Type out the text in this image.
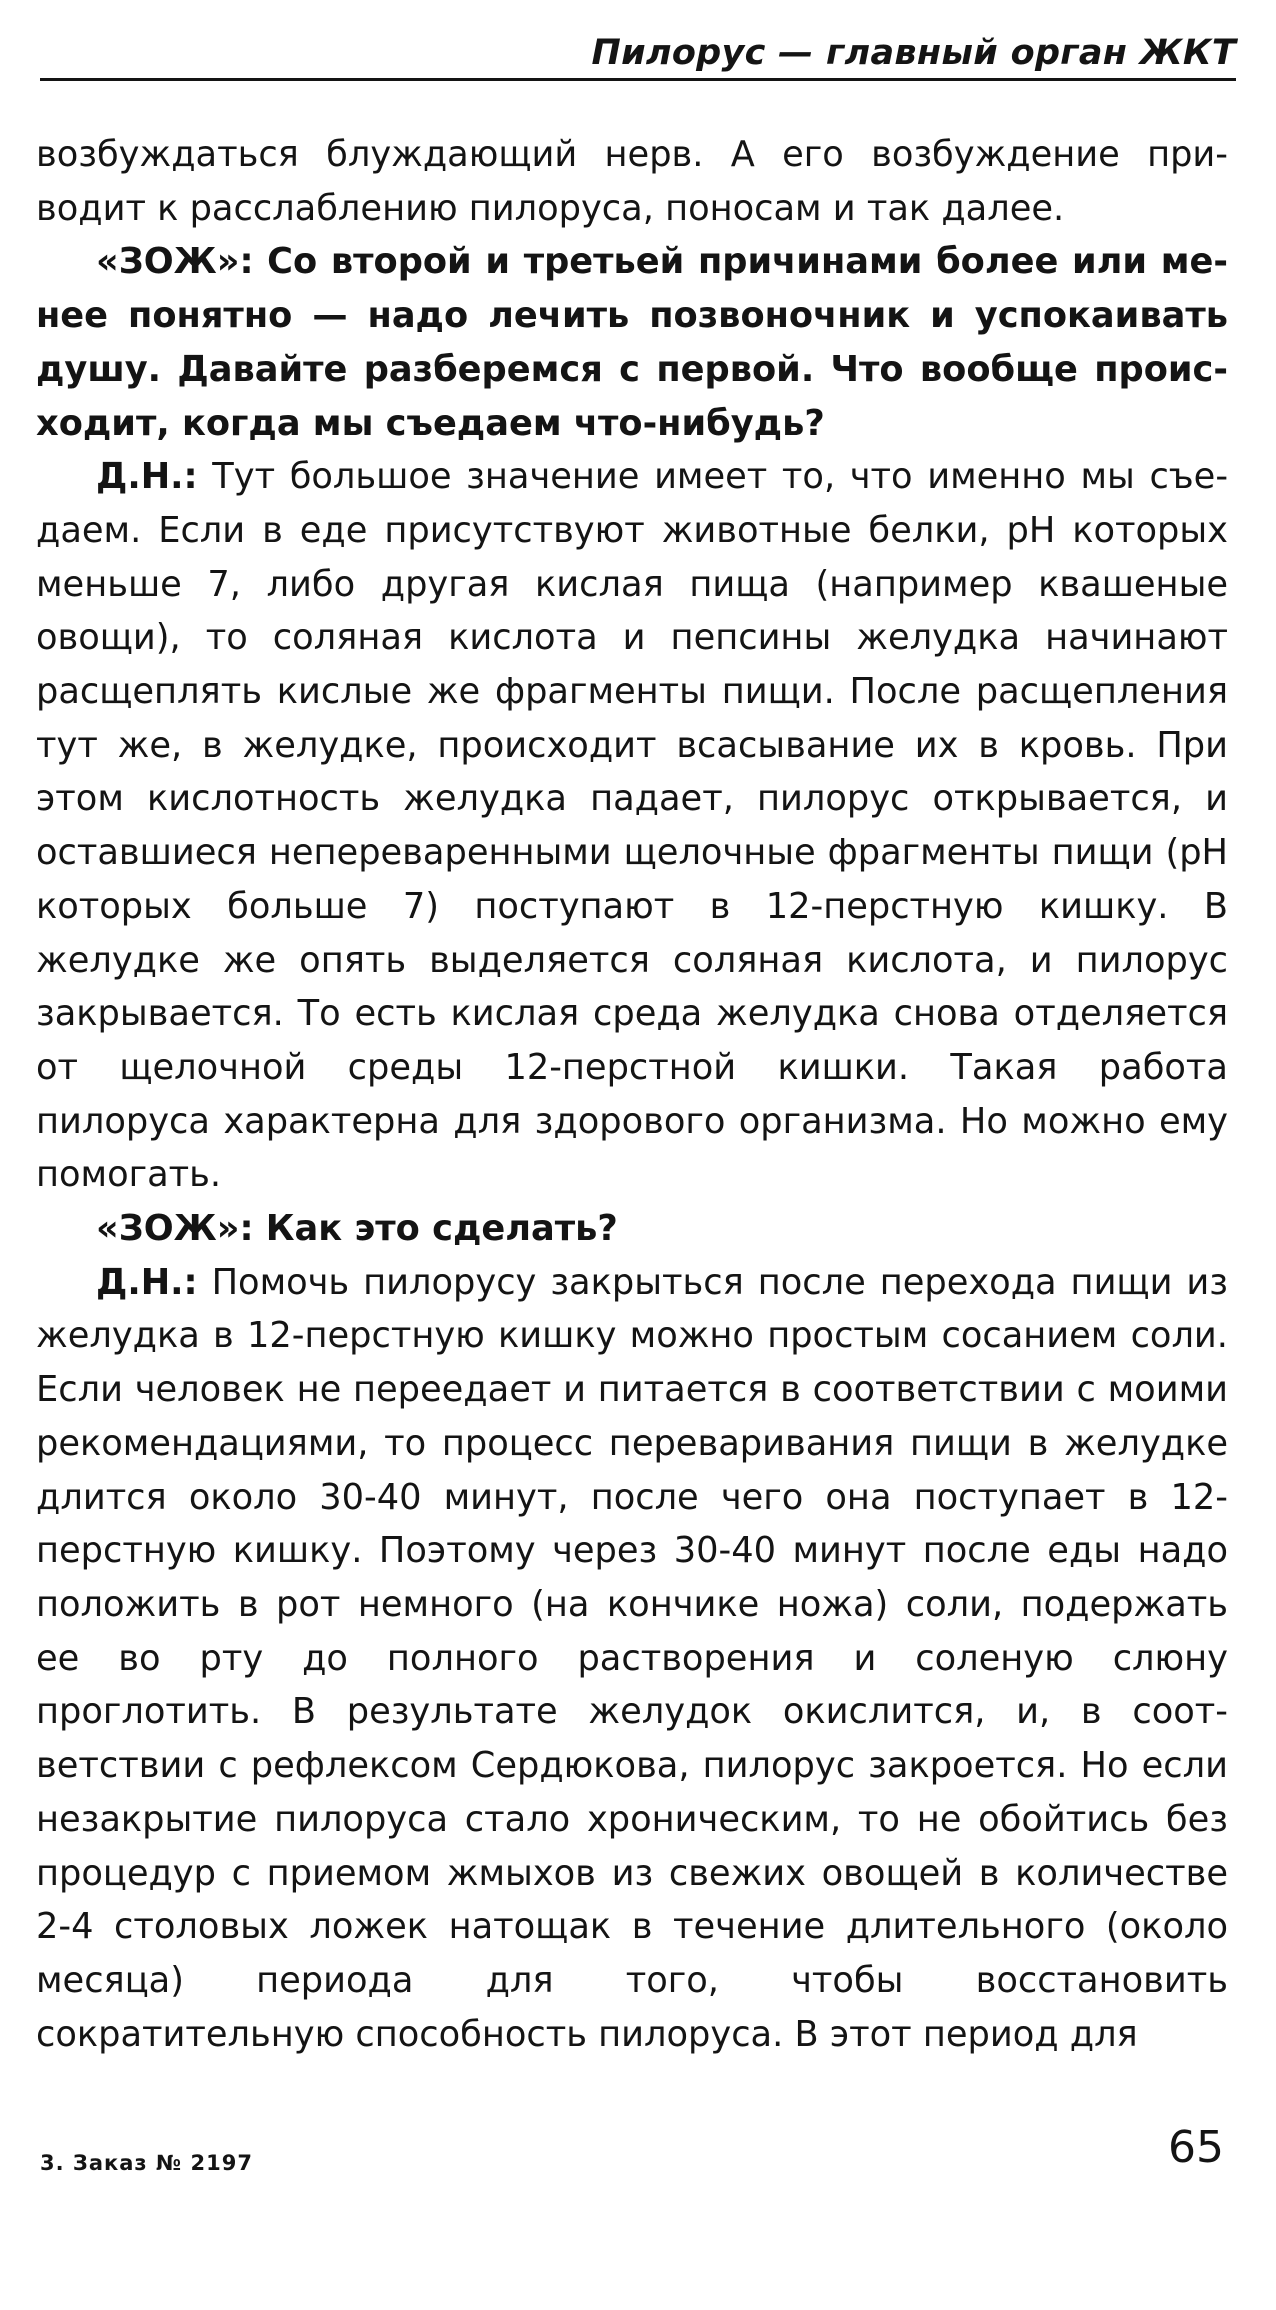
Пилорус — главный орган ЖКТ

возбуждаться блуждающий нерв. А его возбуждение приводит к расслаблению пилоруса, поносам и так далее.

«ЗОЖ»: Со второй и третьей причинами более или менее понятно — надо лечить позвоночник и успокаивать душу. Давайте разберемся с первой. Что вообще происходит, когда мы съедаем что-нибудь?

Д.Н.: Тут большое значение имеет то, что именно мы съедаем. Если в еде присутствуют животные белки, pH которых меньше 7, либо другая кислая пища (например квашеные овощи), то соляная кислота и пепсины желудка начинают расщеплять кислые же фрагменты пищи. После расщепления тут же, в желудке, происходит всасывание их в кровь. При этом кислотность желудка падает, пилорус открывается, и оставшиеся непереваренными щелочные фрагменты пищи (pH которых больше 7) поступают в 12-перстную кишку. В желудке же опять выделяется соляная кислота, и пилорус закрывается. То есть кислая среда желудка снова отделяется от щелочной среды 12-перстной кишки. Такая работа пилоруса характерна для здорового организма. Но можно ему помогать.

«ЗОЖ»: Как это сделать?

Д.Н.: Помочь пилорусу закрыться после перехода пищи из желудка в 12-перстную кишку можно простым сосанием соли. Если человек не переедает и питается в соответствии с моими рекомендациями, то процесс переваривания пищи в желудке длится около 30-40 минут, после чего она поступает в 12-перстную кишку. Поэтому через 30-40 минут после еды надо положить в рот немного (на кончике ножа) соли, подержать ее во рту до полного растворения и соленую слюну проглотить. В результате желудок окислится, и, в соответствии с рефлексом Сердюкова, пилорус закроется. Но если незакрытие пилоруса стало хроническим, то не обойтись без процедур с приемом жмыхов из свежих овощей в количестве 2-4 столовых ложек натощак в течение длительного (около месяца) периода для того, чтобы восстановить сократительную способность пилоруса. В этот период для

3. Заказ № 2197	65
